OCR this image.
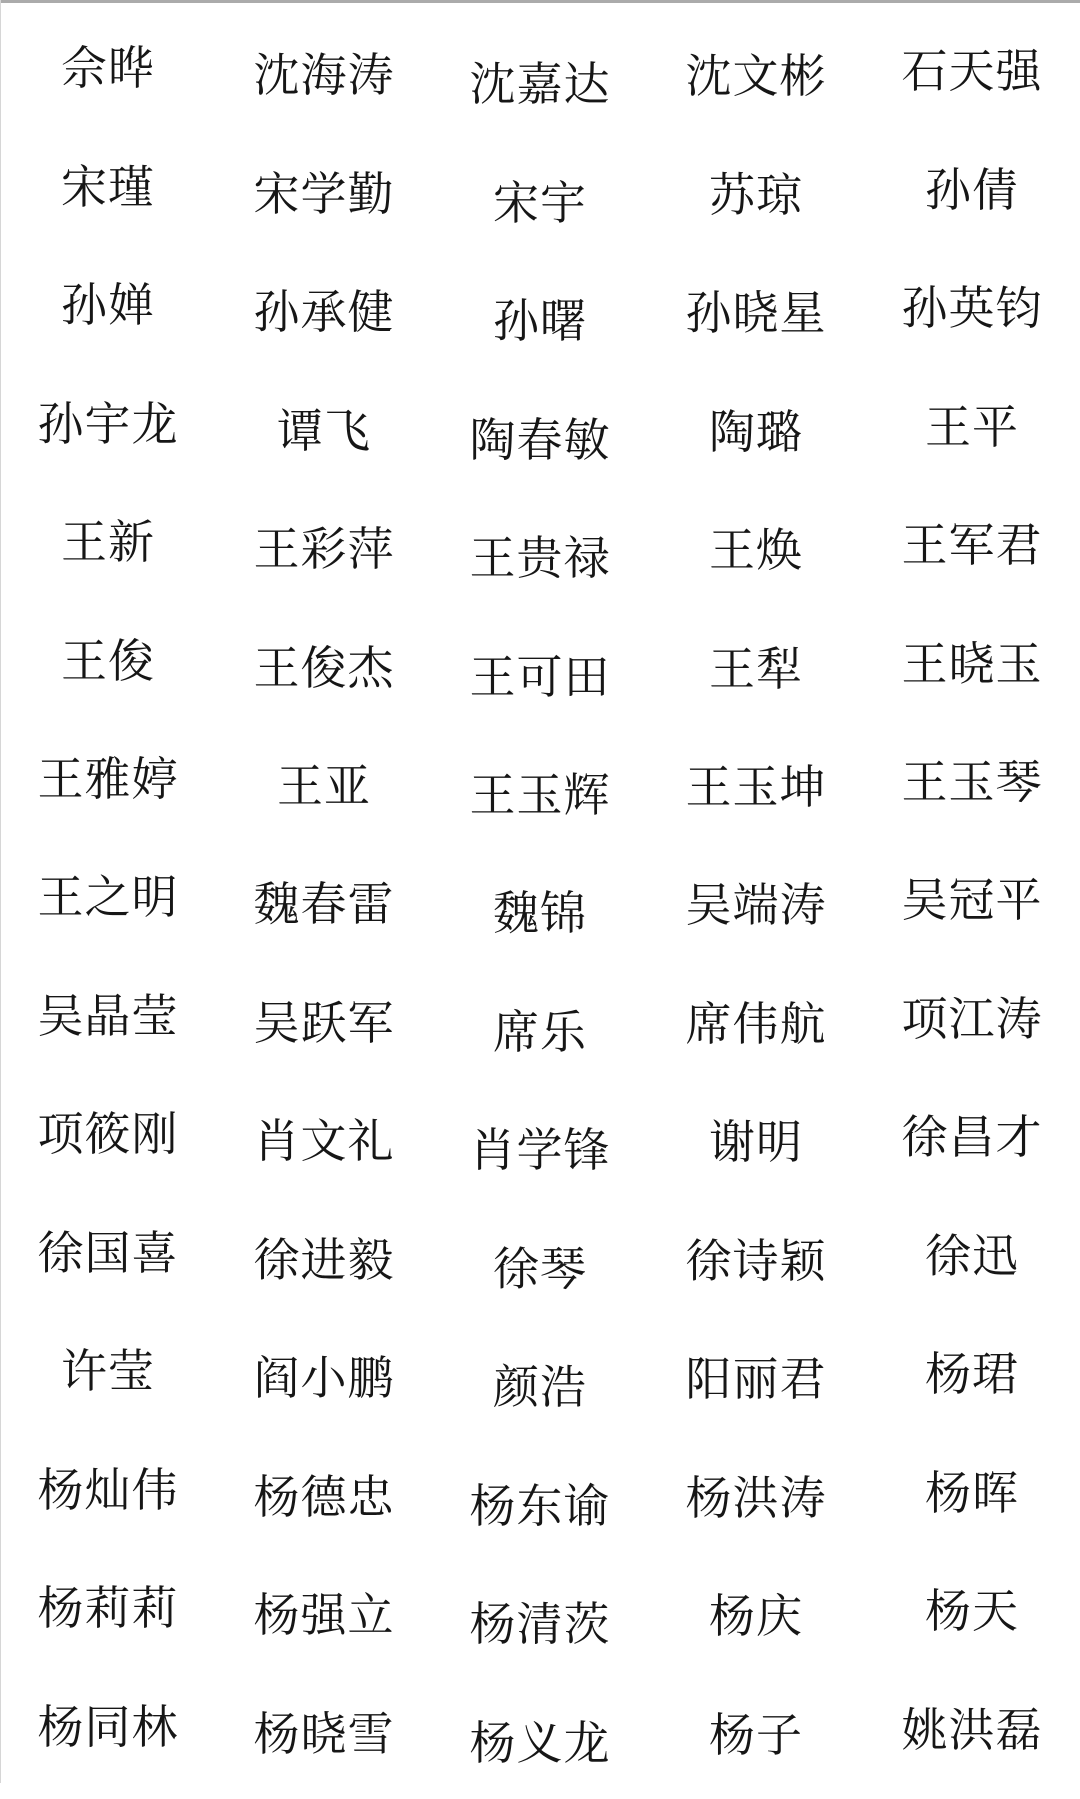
佘晔	沈海涛	沈嘉达	沈文彬	石天强
宋瑾	宋学勤	宋宇	苏琼	孙倩
孙婵	孙承健	孙曙	孙晓星	孙英钧
孙宇龙	谭飞	陶春敏	陶璐	王平
王新	王彩萍	王贵禄	王焕	王军君
王俊	王俊杰	王可田	王犁	王晓玉
王雅婷	王亚	王玉辉	王玉坤	王玉琴
王之明	魏春雷	魏锦	吴端涛	吴冠平
吴晶莹	吴跃军	席乐	席伟航	项江涛
项筱刚	肖文礼	肖学锋	谢明	徐昌才
徐国喜	徐进毅	徐琴	徐诗颖	徐迅
许莹	阎小鹏	颜浩	阳丽君	杨珺
杨灿伟	杨德忠	杨东谕	杨洪涛	杨晖
杨莉莉	杨强立	杨清茨	杨庆	杨天
杨同林	杨晓雪	杨义龙	杨子	姚洪磊
